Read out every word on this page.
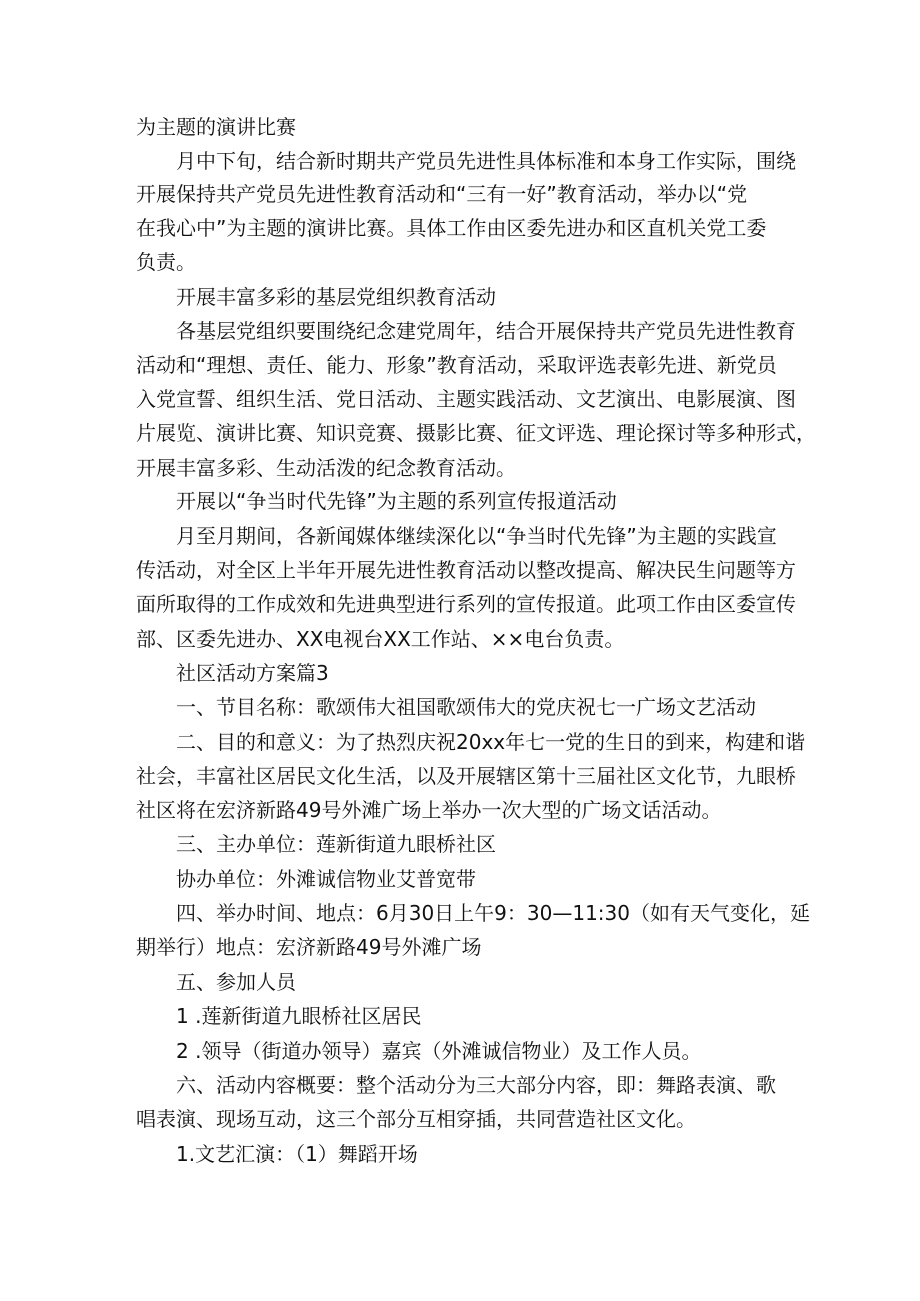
为主题的演讲比赛
月中下旬，结合新时期共产党员先进性具体标准和本身工作实际，围绕
开展保持共产党员先进性教育活动和“三有一好”教育活动，举办以“党
在我心中”为主题的演讲比赛。具体工作由区委先进办和区直机关党工委
负责。
开展丰富多彩的基层党组织教育活动
各基层党组织要围绕纪念建党周年，结合开展保持共产党员先进性教育
活动和“理想、责任、能力、形象”教育活动，采取评选表彰先进、新党员
入党宣誓、组织生活、党日活动、主题实践活动、文艺演出、电影展演、图
片展览、演讲比赛、知识竞赛、摄影比赛、征文评选、理论探讨等多种形式，
开展丰富多彩、生动活泼的纪念教育活动。
开展以“争当时代先锋”为主题的系列宣传报道活动
月至月期间，各新闻媒体继续深化以“争当时代先锋”为主题的实践宣
传活动，对全区上半年开展先进性教育活动以整改提高、解决民生问题等方
面所取得的工作成效和先进典型进行系列的宣传报道。此项工作由区委宣传
部、区委先进办、XX电视台XX工作站、××电台负责。
社区活动方案篇3
一、节目名称：歌颂伟大祖国歌颂伟大的党庆祝七一广场文艺活动
二、目的和意义：为了热烈庆祝20xx年七一党的生日的到来，构建和谐
社会，丰富社区居民文化生活，以及开展辖区第十三届社区文化节，九眼桥
社区将在宏济新路49号外滩广场上举办一次大型的广场文话活动。
三、主办单位：莲新街道九眼桥社区
协办单位：外滩诚信物业艾普宽带
四、举办时间、地点：6月30日上午9：30—11:30（如有天气变化，延
期举行）地点：宏济新路49号外滩广场
五、参加人员
1 .莲新街道九眼桥社区居民
2 .领导（街道办领导）嘉宾（外滩诚信物业）及工作人员。
六、活动内容概要：整个活动分为三大部分内容，即：舞路表演、歌
唱表演、现场互动，这三个部分互相穿插，共同营造社区文化。
1.文艺汇演：（1）舞蹈开场
